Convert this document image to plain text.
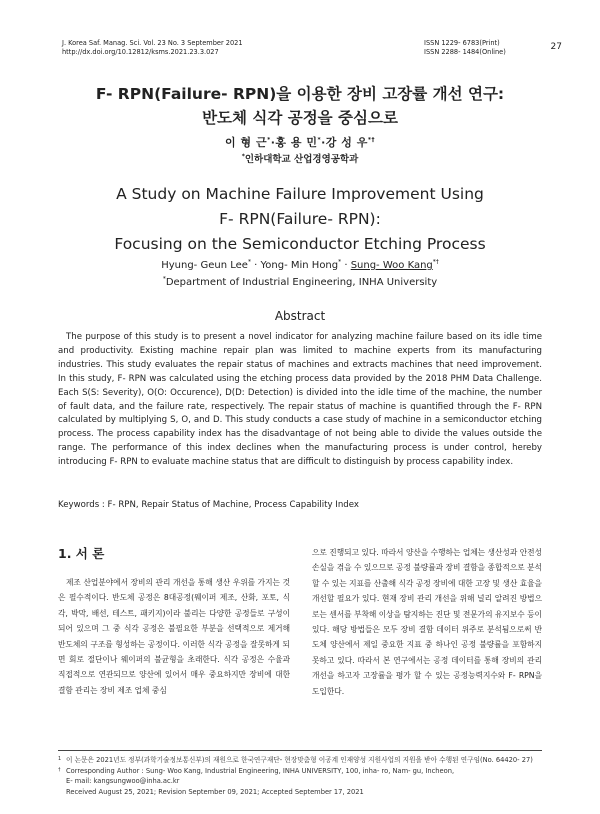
J. Korea Saf. Manag. Sci. Vol. 23 No. 3 September 2021
http://dx.doi.org/10.12812/ksms.2021.23.3.027
ISSN 1229- 6783(Print)
ISSN 2288- 1484(Online)	27
F- RPN(Failure- RPN)을 이용한 장비 고장률 개선 연구:
반도체 식각 공정을 중심으로
이 형 근*·홍 용 민*·강 성 우*†
*인하대학교 산업경영공학과
A Study on Machine Failure Improvement Using
F- RPN(Failure- RPN):
Focusing on the Semiconductor Etching Process
Hyung- Geun Lee* · Yong- Min Hong* · Sung- Woo Kang*†
*Department of Industrial Engineering, INHA University
Abstract
The purpose of this study is to present a novel indicator for analyzing machine failure based on its idle time and productivity. Existing machine repair plan was limited to machine experts from its manufacturing industries. This study evaluates the repair status of machines and extracts machines that need improvement. In this study, F- RPN was calculated using the etching process data provided by the 2018 PHM Data Challenge. Each S(S: Severity), O(O: Occurence), D(D: Detection) is divided into the idle time of the machine, the number of fault data, and the failure rate, respectively. The repair status of machine is quantified through the F- RPN calculated by multiplying S, O, and D. This study conducts a case study of machine in a semiconductor etching process. The process capability index has the disadvantage of not being able to divide the values outside the range. The performance of this index declines when the manufacturing process is under control, hereby introducing F- RPN to evaluate machine status that are difficult to distinguish by process capability index.
Keywords : F- RPN, Repair Status of Machine, Process Capability Index
1. 서 론
제조 산업분야에서 장비의 관리 개선을 통해 생산 우위를 가지는 것은 필수적이다. 반도체 공정은 8대공정(웨이퍼 제조, 산화, 포토, 식각, 박막, 배선, 테스트, 패키지)이라 불리는 다양한 공정들로 구성이 되어 있으며 그 중 식각 공정은 불필요한 부분을 선택적으로 제거해 반도체의 구조를 형성하는 공정이다. 이러한 식각 공정을 잘못하게 되면 회로 절단이나 웨이퍼의 불균형을 초래한다. 식각 공정은 수율과 직접적으로 연관되므로 양산에 있어서 매우 중요하지만 장비에 대한 결함 관리는 장비 제조 업체 중심
으로 진행되고 있다. 따라서 양산을 수행하는 업체는 생산성과 안전성 손실을 겪을 수 있으므로 공정 불량률과 장비 결함을 종합적으로 분석할 수 있는 지표를 산출해 식각 공정 장비에 대한 고장 및 생산 효율을 개선할 필요가 있다. 현재 장비 관리 개선을 위해 널리 알려진 방법으로는 센서를 부착해 이상을 탐지하는 진단 및 전문가의 유지보수 등이 있다. 해당 방법들은 모두 장비 결함 데이터 위주로 분석됨으로써 반도체 양산에서 제일 중요한 지표 중 하나인 공정 불량률을 포함하지 못하고 있다. 따라서 본 연구에서는 공정 데이터를 통해 장비의 관리 개선을 하고자 고장률을 평가 할 수 있는 공정능력지수와 F- RPN을 도입한다.
1 이 논문은 2021년도 정부(과학기술정보통신부)의 재원으로 한국연구재단- 현장맞춤형 이공계 인재양성 지원사업의 지원을 받아 수행된 연구임(No. 64420- 27)
† Corresponding Author : Sung- Woo Kang, Industrial Engineering, INHA UNIVERSITY, 100, inha- ro, Nam- gu, Incheon,
E- mail: kangsungwoo@inha.ac.kr
Received August 25, 2021; Revision September 09, 2021; Accepted September 17, 2021
